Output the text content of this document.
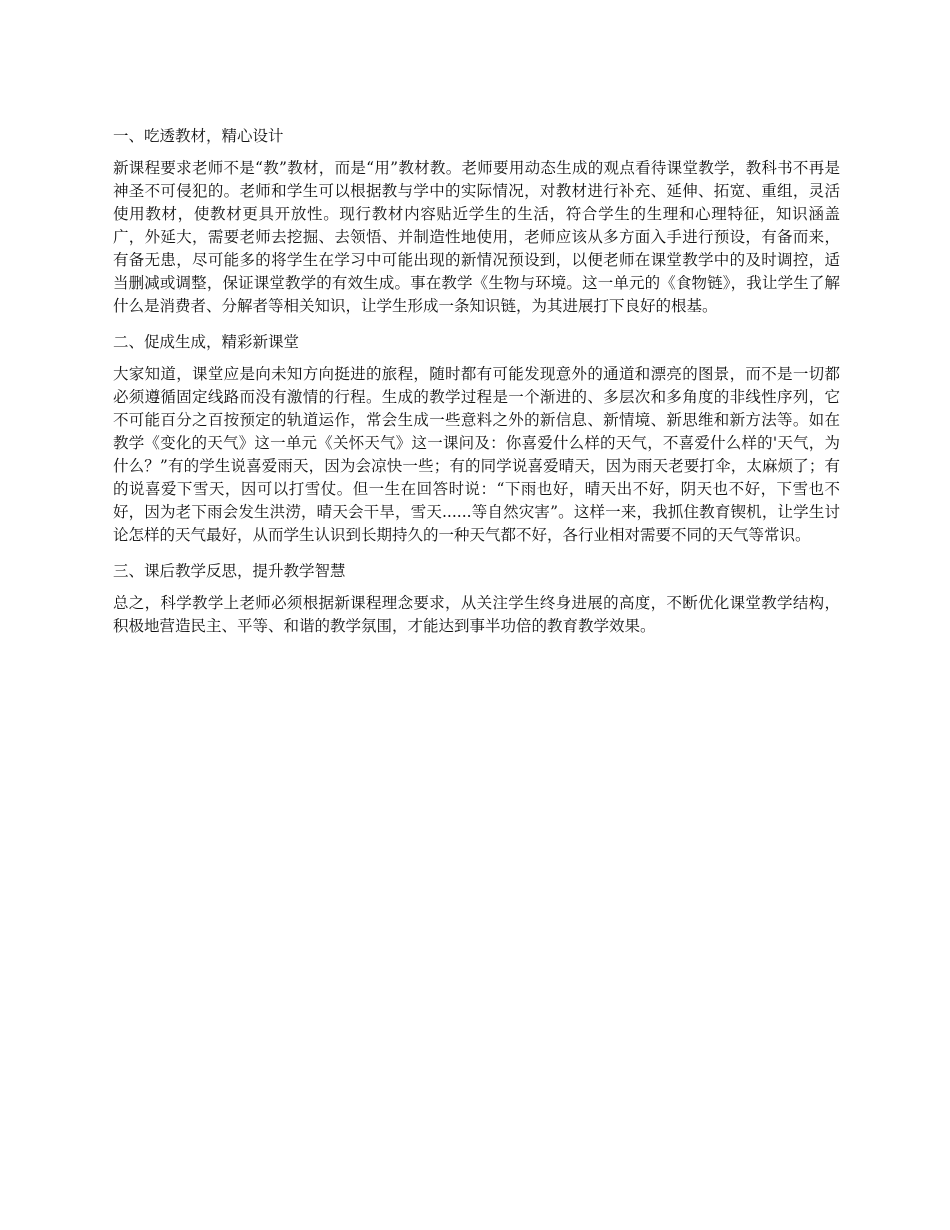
一、吃透教材，精心设计

新课程要求老师不是“教”教材，而是“用”教材教。老师要用动态生成的观点看待课堂教学，教科书不再是神圣不可侵犯的。老师和学生可以根据教与学中的实际情况，对教材进行补充、延伸、拓宽、重组，灵活使用教材，使教材更具开放性。现行教材内容贴近学生的生活，符合学生的生理和心理特征，知识涵盖广，外延大，需要老师去挖掘、去领悟、并制造性地使用，老师应该从多方面入手进行预设，有备而来，有备无患，尽可能多的将学生在学习中可能出现的新情况预设到，以便老师在课堂教学中的及时调控，适当删减或调整，保证课堂教学的有效生成。事在教学《生物与环境。这一单元的《食物链》，我让学生了解什么是消费者、分解者等相关知识，让学生形成一条知识链，为其进展打下良好的根基。

二、促成生成，精彩新课堂

大家知道，课堂应是向未知方向挺进的旅程，随时都有可能发现意外的通道和漂亮的图景，而不是一切都必须遵循固定线路而没有激情的行程。生成的教学过程是一个渐进的、多层次和多角度的非线性序列，它不可能百分之百按预定的轨道运作，常会生成一些意料之外的新信息、新情境、新思维和新方法等。如在教学《变化的天气》这一单元《关怀天气》这一课问及：你喜爱什么样的天气，不喜爱什么样的'天气，为什么？”有的学生说喜爱雨天，因为会凉快一些；有的同学说喜爱晴天，因为雨天老要打伞，太麻烦了；有的说喜爱下雪天，因可以打雪仗。但一生在回答时说：“下雨也好，晴天出不好，阴天也不好，下雪也不好，因为老下雨会发生洪涝，晴天会干旱，雪天......等自然灾害”。这样一来，我抓住教育锲机，让学生讨论怎样的天气最好，从而学生认识到长期持久的一种天气都不好，各行业相对需要不同的天气等常识。

三、课后教学反思，提升教学智慧

总之，科学教学上老师必须根据新课程理念要求，从关注学生终身进展的高度，不断优化课堂教学结构，积极地营造民主、平等、和谐的教学氛围，才能达到事半功倍的教育教学效果。
